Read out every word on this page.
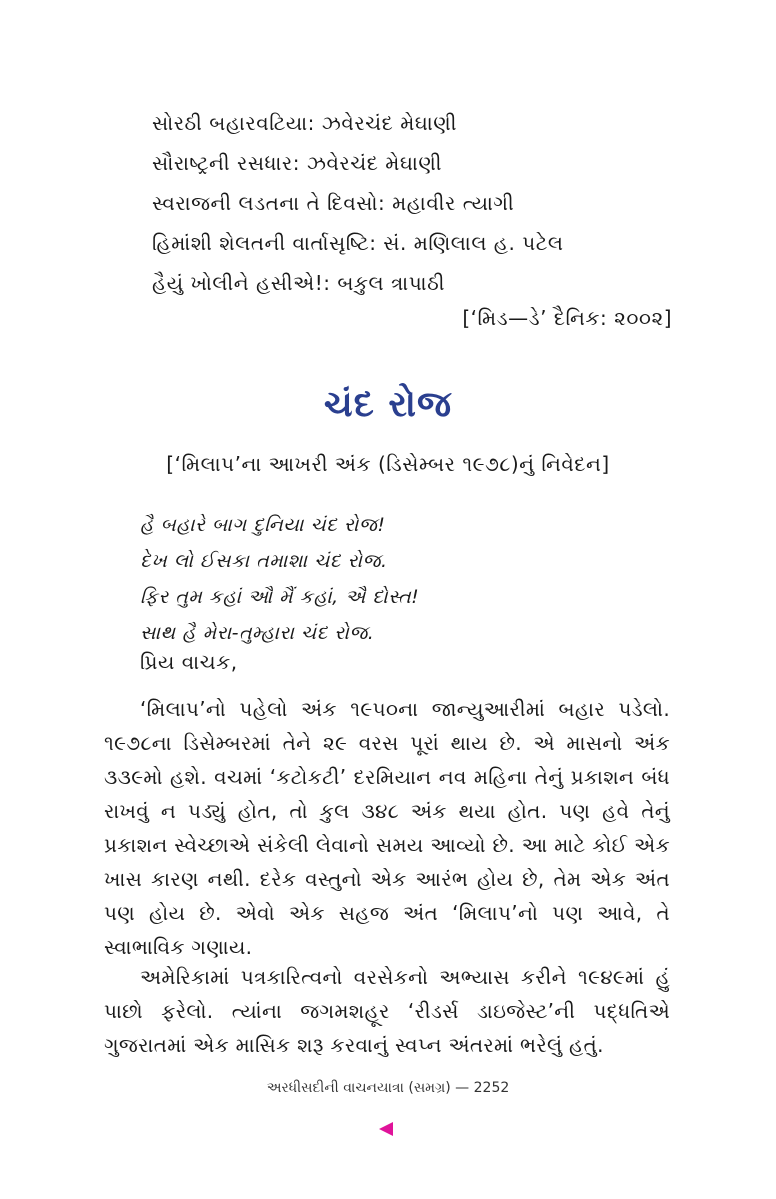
સોરઠી બહારવટિયા: ઝવેરચંદ મેઘાણી
સૌરાષ્ટ્રની રસધાર: ઝવેરચંદ મેઘાણી
સ્વરાજની લડતના તે દિવસો: મહાવીર ત્યાગી
હિમાંશી શેલતની વાર્તાસૃષ્ટિ: સં. મણિલાલ હ. પટેલ
હૈયું ખોલીને હસીએ!: બકુલ ત્રાપાઠી
[‘મિડ—ડે’ દૈનિક: ૨૦૦૨]
ચંદ રોજ
[‘મિલાપ’ના આખરી અંક (ડિસેમ્બર ૧૯૭૮)નું નિવેદન]
હૈ બહારે બાગ દુનિયા ચંદ રોજ!
દેખ લો ઈસકા તમાશા ચંદ રોજ.
ફિર તુમ કહાં ઔ મૈં કહાં, ઐ દોસ્ત!
સાથ હૈ મેરા-તુમ્હારા ચંદ રોજ.
પ્રિય વાચક,
‘મિલાપ’નો પહેલો અંક ૧૯૫૦ના જાન્યુઆરીમાં બહાર પડેલો. ૧૯૭૮ના ડિસેમ્બરમાં તેને ૨૯ વરસ પૂરાં થાય છે. એ માસનો અંક ૩૩૯મો હશે. વચમાં ‘કટોકટી’ દરમિયાન નવ મહિના તેનું પ્રકાશન બંધ રાખવું ન પડ્યું હોત, તો કુલ ૩૪૮ અંક થયા હોત. પણ હવે તેનું પ્રકાશન સ્વેચ્છાએ સંકેલી લેવાનો સમય આવ્યો છે. આ માટે કોઈ એક ખાસ કારણ નથી. દરેક વસ્તુનો એક આરંભ હોય છે, તેમ એક અંત પણ હોય છે. એવો એક સહજ અંત ‘મિલાપ’નો પણ આવે, તે સ્વાભાવિક ગણાય.
અમેરિકામાં પત્રકારિત્વનો વરસેકનો અભ્યાસ કરીને ૧૯૪૯માં હું પાછો ફરેલો. ત્યાંના જગમશહૂર ‘રીડર્સ ડાઇજેસ્ટ’ની પદ્ધતિએ ગુજરાતમાં એક માસિક શરૂ કરવાનું સ્વપ્ન અંતરમાં ભરેલું હતું.
અરધીસદીની વાચનયાત્રા (સમગ્ર) — 2252
